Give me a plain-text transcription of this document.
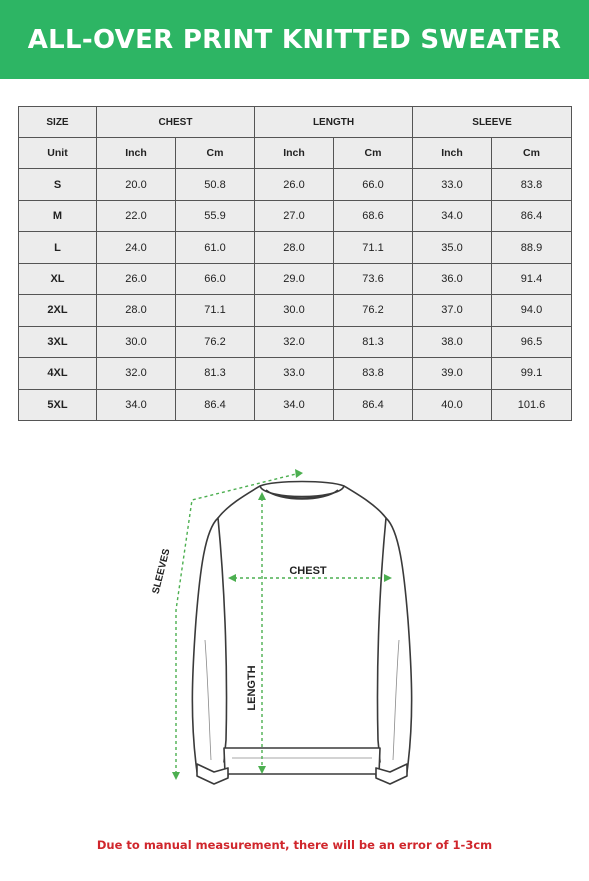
ALL-OVER PRINT KNITTED SWEATER
SIZE	CHEST		LENGTH		SLEEVE	
Unit	Inch	Cm	Inch	Cm	Inch	Cm
S	20.0	50.8	26.0	66.0	33.0	83.8
M	22.0	55.9	27.0	68.6	34.0	86.4
L	24.0	61.0	28.0	71.1	35.0	88.9
XL	26.0	66.0	29.0	73.6	36.0	91.4
2XL	28.0	71.1	30.0	76.2	37.0	94.0
3XL	30.0	76.2	32.0	81.3	38.0	96.5
4XL	32.0	81.3	33.0	83.8	39.0	99.1
5XL	34.0	86.4	34.0	86.4	40.0	101.6
CHEST
LENGTH
SLEEVES
Due to manual measurement, there will be an error of 1-3cm
